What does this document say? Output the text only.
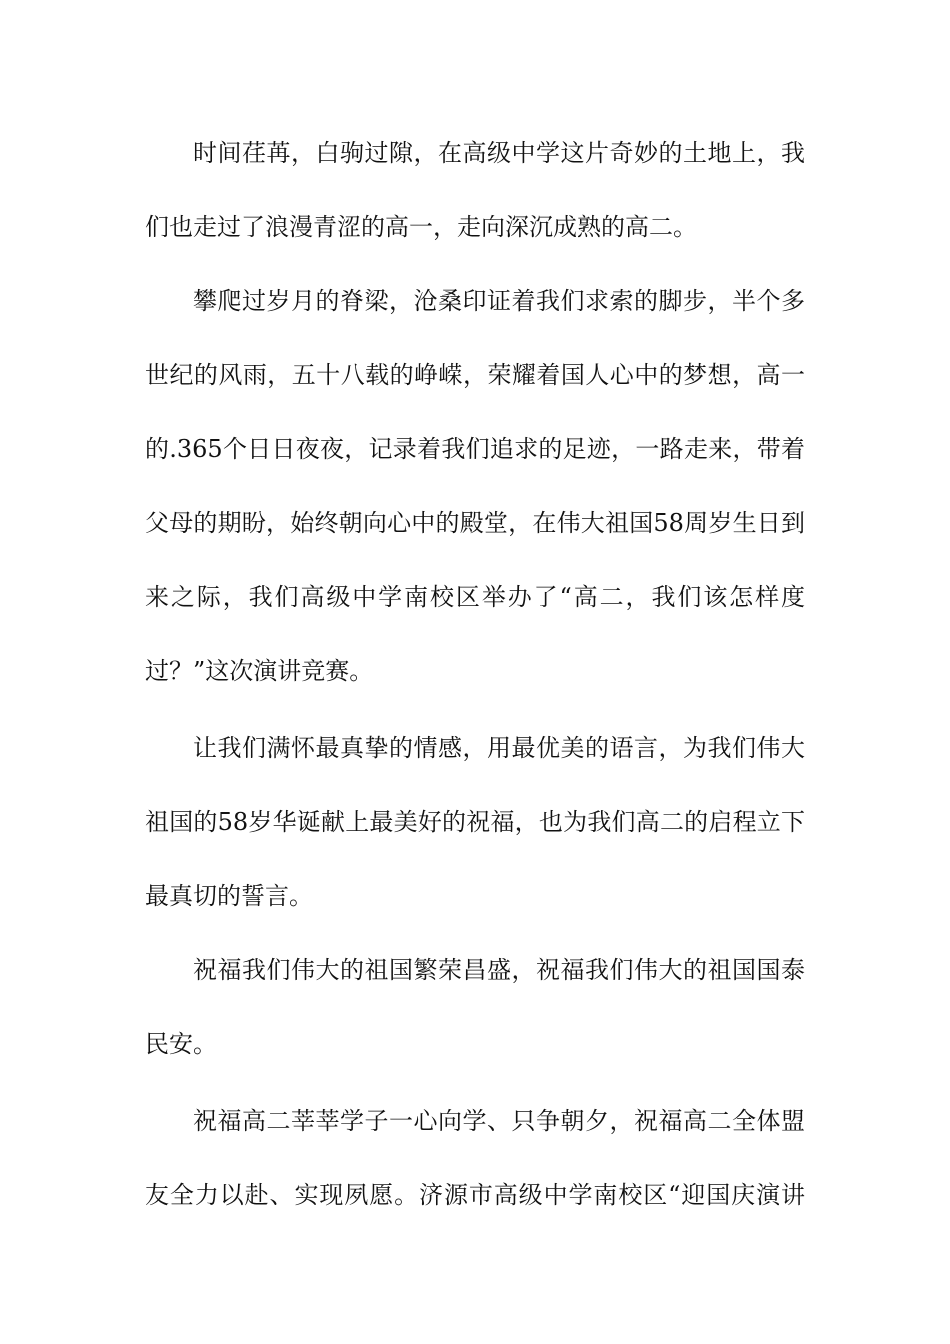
时间荏苒，白驹过隙，在高级中学这片奇妙的土地上，我
们也走过了浪漫青涩的高一，走向深沉成熟的高二。
攀爬过岁月的脊梁，沧桑印证着我们求索的脚步，半个多
世纪的风雨，五十八载的峥嵘，荣耀着国人心中的梦想，高一
的.365个日日夜夜，记录着我们追求的足迹，一路走来，带着
父母的期盼，始终朝向心中的殿堂，在伟大祖国58周岁生日到
来之际，我们高级中学南校区举办了“高二，我们该怎样度
过？”这次演讲竞赛。
让我们满怀最真挚的情感，用最优美的语言，为我们伟大
祖国的58岁华诞献上最美好的祝福，也为我们高二的启程立下
最真切的誓言。
祝福我们伟大的祖国繁荣昌盛，祝福我们伟大的祖国国泰
民安。
祝福高二莘莘学子一心向学、只争朝夕，祝福高二全体盟
友全力以赴、实现夙愿。济源市高级中学南校区“迎国庆演讲
